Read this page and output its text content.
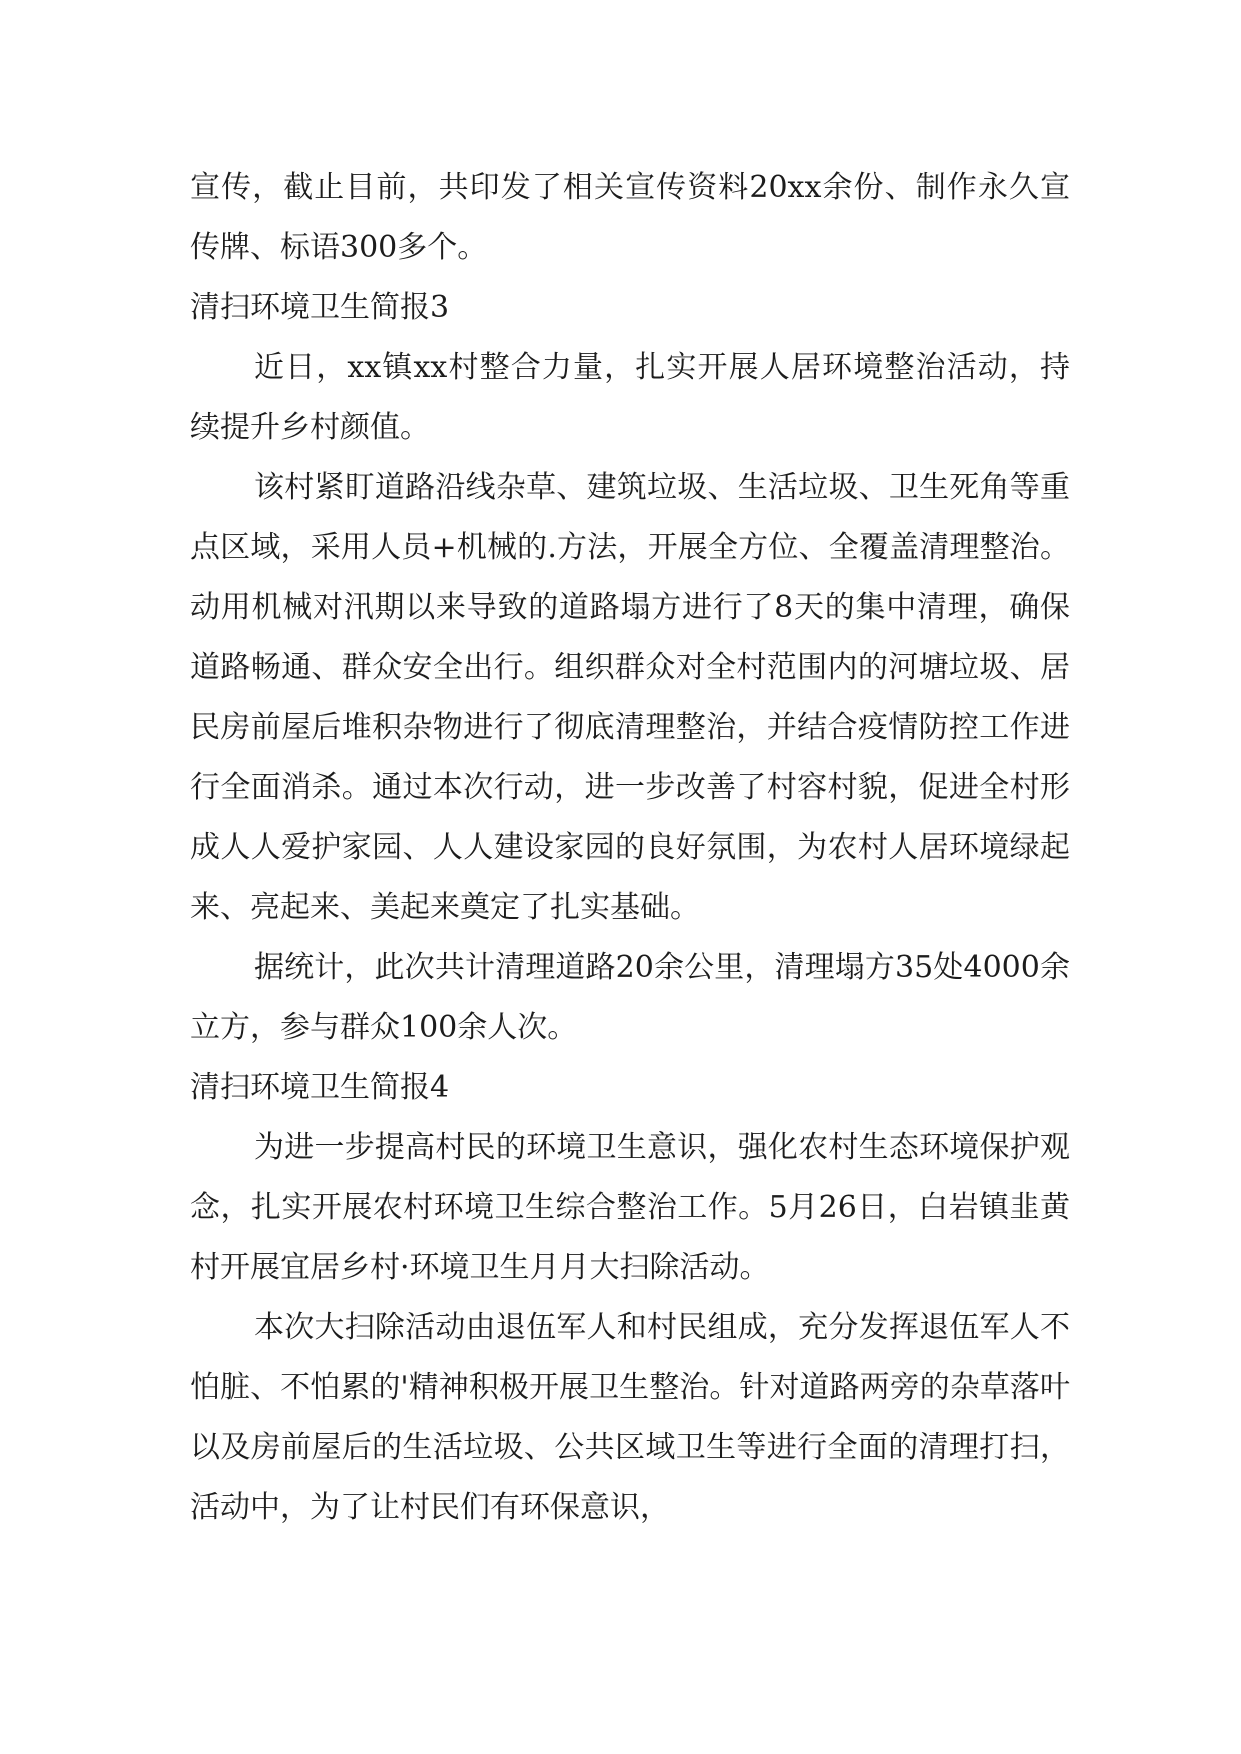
宣传，截止目前，共印发了相关宣传资料20xx余份、制作永久宣传牌、标语300多个。

清扫环境卫生简报3

近日，xx镇xx村整合力量，扎实开展人居环境整治活动，持续提升乡村颜值。

该村紧盯道路沿线杂草、建筑垃圾、生活垃圾、卫生死角等重点区域，采用人员+机械的.方法，开展全方位、全覆盖清理整治。动用机械对汛期以来导致的道路塌方进行了8天的集中清理，确保道路畅通、群众安全出行。组织群众对全村范围内的河塘垃圾、居民房前屋后堆积杂物进行了彻底清理整治，并结合疫情防控工作进行全面消杀。通过本次行动，进一步改善了村容村貌，促进全村形成人人爱护家园、人人建设家园的良好氛围，为农村人居环境绿起来、亮起来、美起来奠定了扎实基础。

据统计，此次共计清理道路20余公里，清理塌方35处4000余立方，参与群众100余人次。

清扫环境卫生简报4

为进一步提高村民的环境卫生意识，强化农村生态环境保护观念，扎实开展农村环境卫生综合整治工作。5月26日，白岩镇韭黄村开展宜居乡村·环境卫生月月大扫除活动。

本次大扫除活动由退伍军人和村民组成，充分发挥退伍军人不怕脏、不怕累的'精神积极开展卫生整治。针对道路两旁的杂草落叶以及房前屋后的生活垃圾、公共区域卫生等进行全面的清理打扫，活动中，为了让村民们有环保意识，
